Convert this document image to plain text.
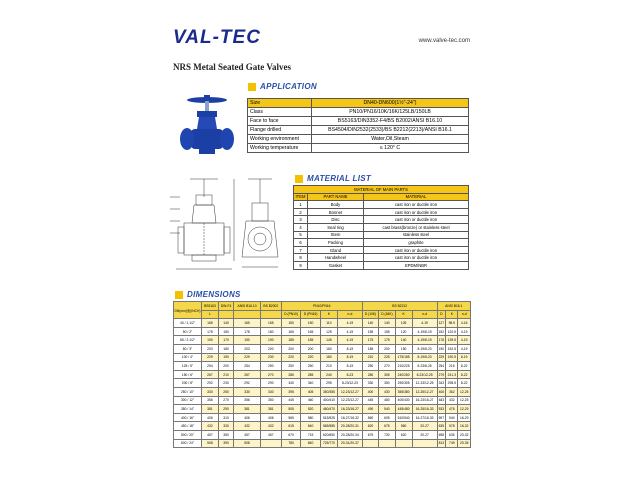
VAL-TEC	www.valve-tec.com
NRS Metal Seated Gate Valves
APPLICATION
Size	DN40-DN600(1½"-24")
Class	PN10/PN16/10K/16K/125LB/150LB
Face to face	BS5163/DIN3352-F4/BS B2002/ANSI B16.10
Flange drilled	BS4504/DIN2532(2533)/BS B2212(2213)/ANSI B16.1
Working environment	Water,Oil,Steam
Working temperature	≤ 120° C
MATERIAL LIST
MATERIAL OF MAIN PARTS		
ITEM	PART NAME	MATERIAL
1	Body	cast iron or ductile iron
2	Bonnet	cast iron or ductile iron
3	Disc	cast iron or ductile iron
4	Seal ring	cast brass(bronze) or stainless steel
5	Stem	stainless steel
6	Packing	graphite
7	Gland	cast iron or ductile iron
8	Handwheel	cast iron or ductile iron
9	Gasket	EPDM/NBR
DIMENSIONS
DN(mm)流(INCH)	BS5163	DIN-F4	ANSI B16.10	BS B2002	PN10/PN16				BS B2212				ANSI B16.1		
	L				D (PN10)	D (PN16)	K	n-d	D (10K)	D (16K)	K	n-d	D	K	n-d
40 / 1.1/2"	165	140	165	165	150	150	110	4-19	140	140	105	4-19	127	98.5	4-16
50 / 2"	178	150	178	180	165	165	125	4-19	155	155	120	4-19/8-19	152	120.5	4-19
65 / 2.1/2"	190	170	190	190	185	185	145	4-19	175	175	140	4-19/8-19	178	139.5	4-19
80 / 3"	203	180	203	200	200	200	160	8-19	185	200	150	8-19/8-23	190	152.5	4-19
100 / 4"	229	190	229	230	220	220	180	8-19	210	225	175/185	8-19/8-23	229	190.5	8-19
125 / 5"	254	200	254	250	250	250	210	8-19	250	270	210/225	8-23/8-25	254	216	8-22
150 / 6"	267	210	267	270	285	285	240	8-23	280	305	240/260	8-23/12-25	279	241.3	8-22
200 / 8"	292	230	292	290	340	340	295	8-23/12-23	330	350	290/305	12-23/12-25	343	298.5	8-22
250 / 10"	330	250	330	330	395	405	350/355	12-23/12-27	400	430	355/380	12-25/12-27	406	362	12-25
300 / 12"	356	270	356	350	445	460	400/410	12-23/12-27	445	480	400/430	16-23/16-27	483	432	12-25
350 / 14"	381	290	381	381	505	520	460/470	16-23/16-27	490	540	445/480	16-25/16-33	533	476	12-29
400 / 16"	406	310	406	406	565	580	515/525	16-27/16-32	560	605	510/540	16-27/16-33	597	540	16-29
450 / 18"	432	330	432	432	615	640	565/585	20-28/20-31	620	675	560	20-27	635	578	16-32
500 / 20"	457	350	457	457	670	715	620/650	20-28/20-34	675	730	620	20-27	698	635	20-32
600 / 24"	508	390	508		780	840	725/770	20-31/20-37					813	749	20-35
